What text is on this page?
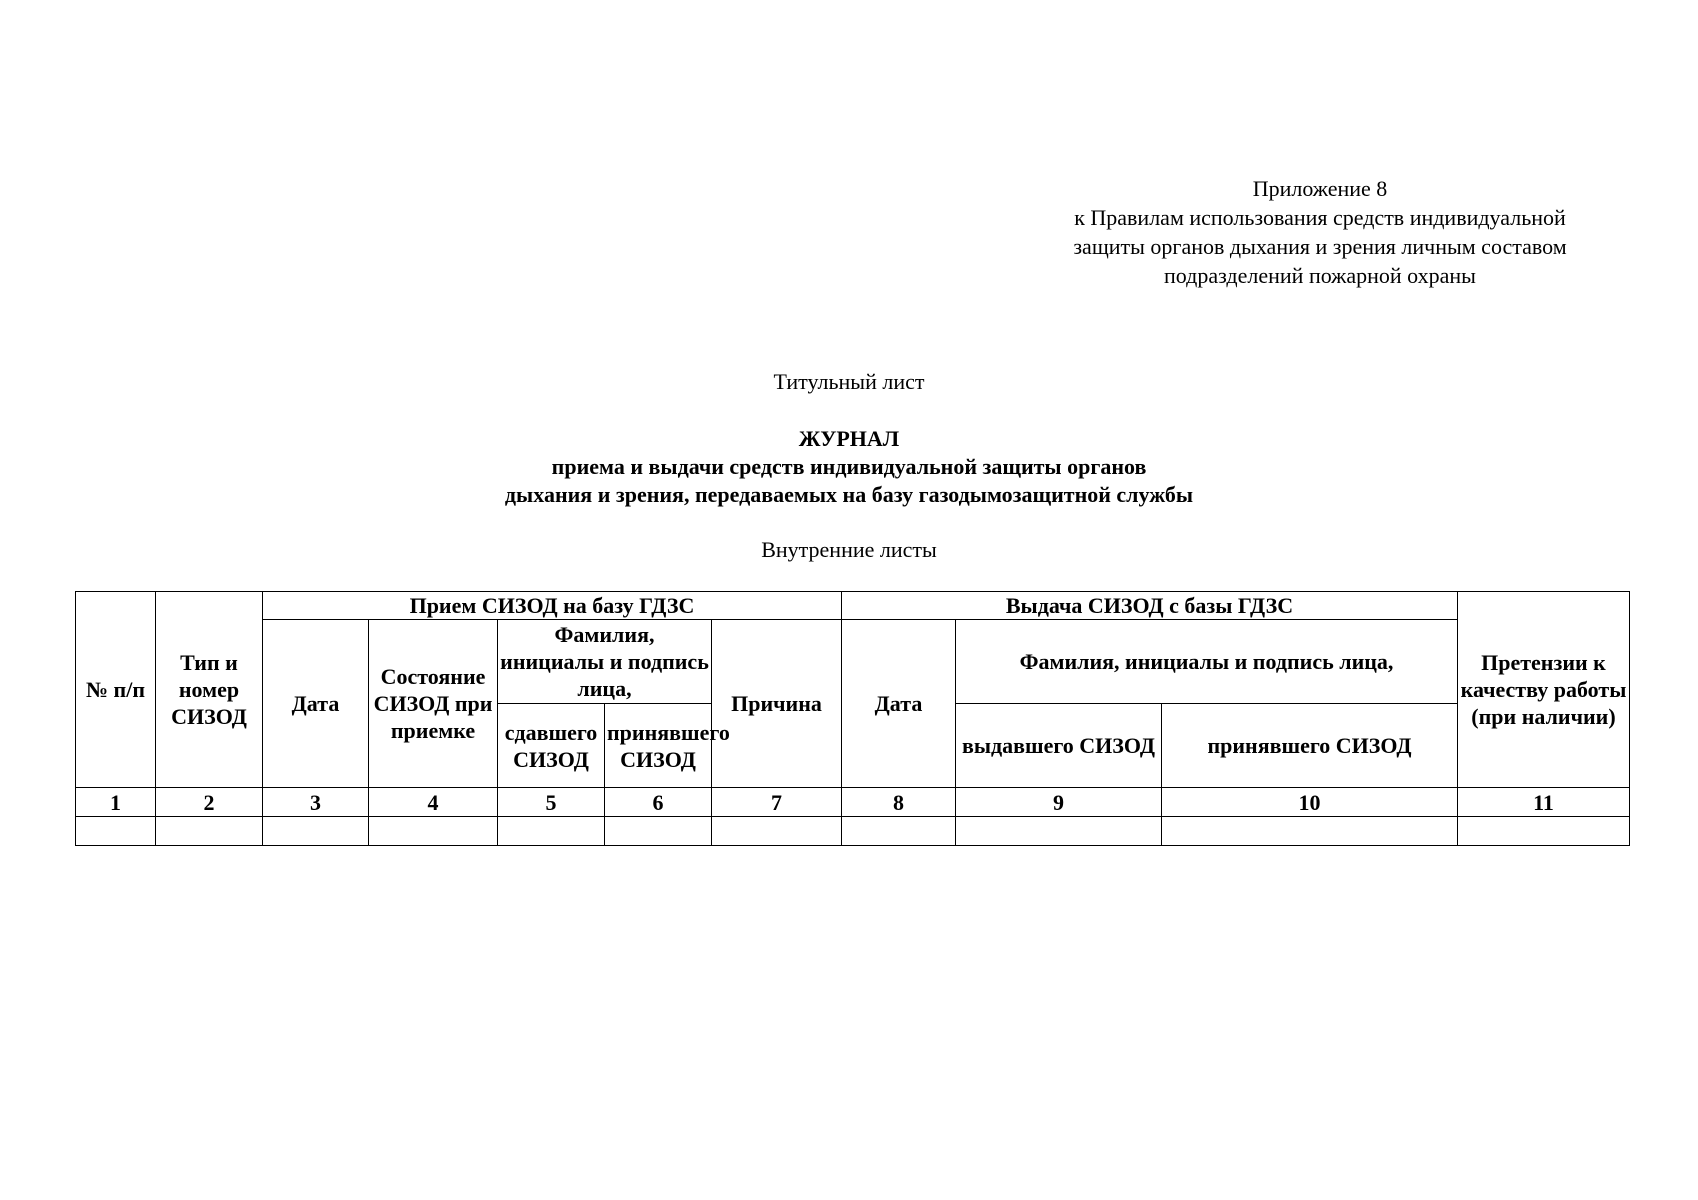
Приложение 8
к Правилам использования средств индивидуальной
защиты органов дыхания и зрения личным составом
подразделений пожарной охраны
Титульный лист
ЖУРНАЛ
приема и выдачи средств индивидуальной защиты органов
дыхания и зрения, передаваемых на базу газодымозащитной службы
Внутренние листы
№ п/п	Тип и номер СИЗОД	Прием СИЗОД на базу ГДЗС					Выдача СИЗОД с базы ГДЗС			Претензии к качеству работы (при наличии)
		Дата	Состояние СИЗОД при приемке	Фамилия, инициалы и подпись лица,		Причина	Дата	Фамилия, инициалы и подпись лица,		
				сдавшего СИЗОД	принявшего СИЗОД			выдавшего СИЗОД	принявшего СИЗОД	
1	2	3	4	5	6	7	8	9	10	11
